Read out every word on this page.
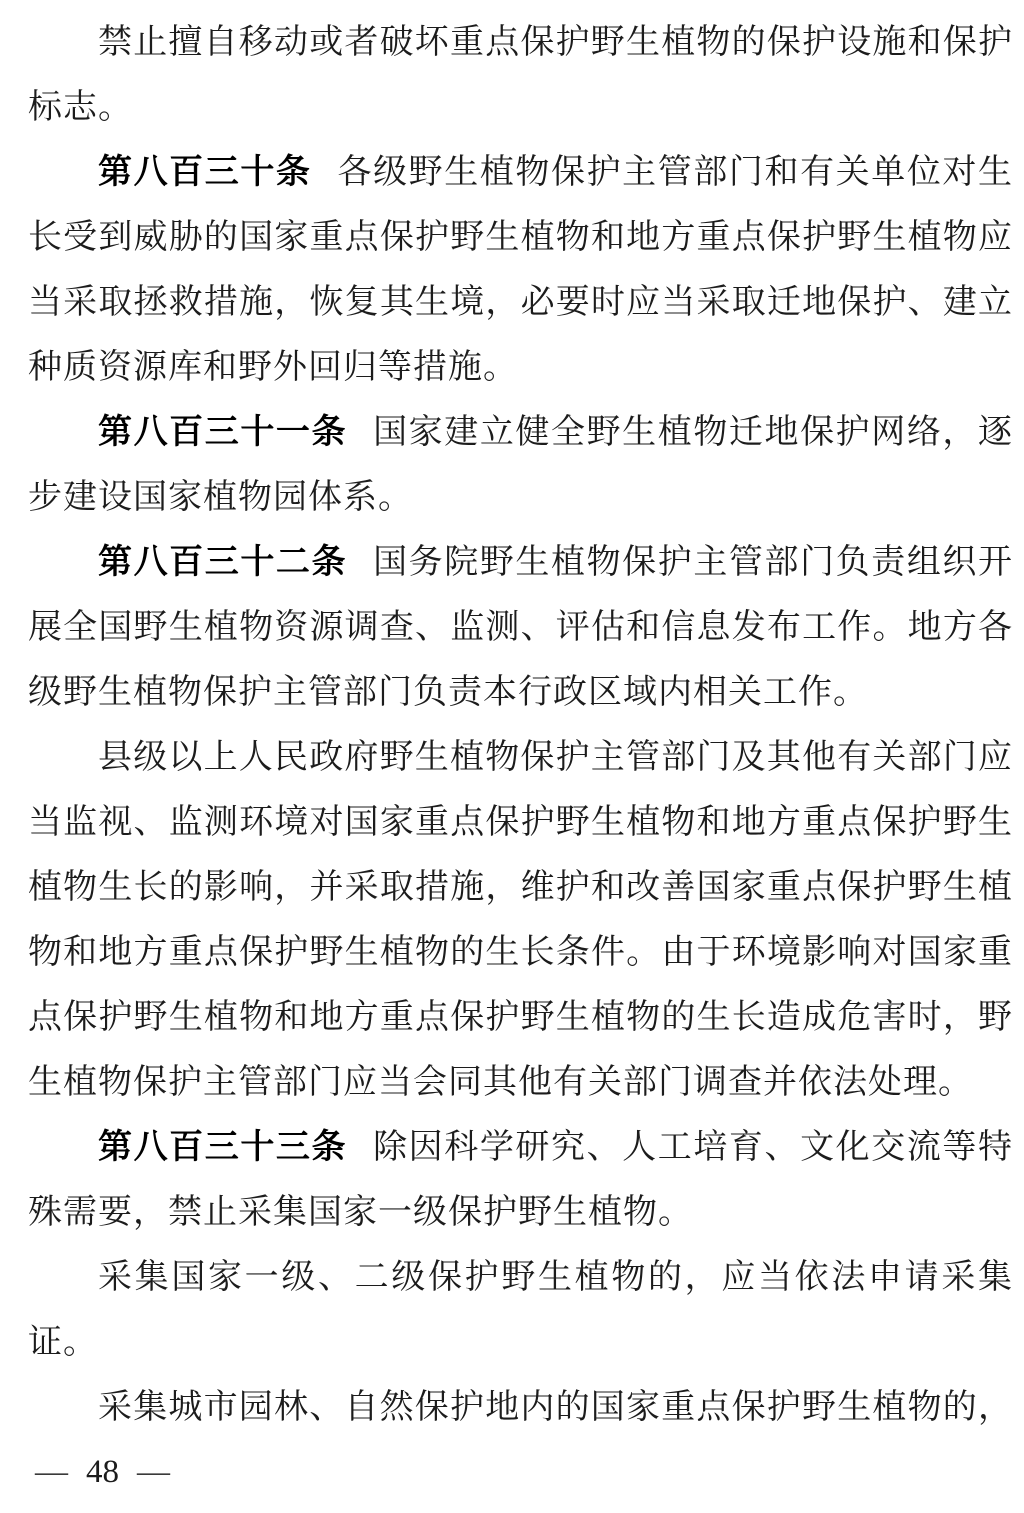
禁止擅自移动或者破坏重点保护野生植物的保护设施和保护
标志。
第八百三十条 各级野生植物保护主管部门和有关单位对生
长受到威胁的国家重点保护野生植物和地方重点保护野生植物应
当采取拯救措施，恢复其生境，必要时应当采取迁地保护、建立
种质资源库和野外回归等措施。
第八百三十一条 国家建立健全野生植物迁地保护网络，逐
步建设国家植物园体系。
第八百三十二条 国务院野生植物保护主管部门负责组织开
展全国野生植物资源调查、监测、评估和信息发布工作。地方各
级野生植物保护主管部门负责本行政区域内相关工作。
县级以上人民政府野生植物保护主管部门及其他有关部门应
当监视、监测环境对国家重点保护野生植物和地方重点保护野生
植物生长的影响，并采取措施，维护和改善国家重点保护野生植
物和地方重点保护野生植物的生长条件。由于环境影响对国家重
点保护野生植物和地方重点保护野生植物的生长造成危害时，野
生植物保护主管部门应当会同其他有关部门调查并依法处理。
第八百三十三条 除因科学研究、人工培育、文化交流等特
殊需要，禁止采集国家一级保护野生植物。
采集国家一级、二级保护野生植物的，应当依法申请采集
证。
采集城市园林、自然保护地内的国家重点保护野生植物的，
— 48 —
